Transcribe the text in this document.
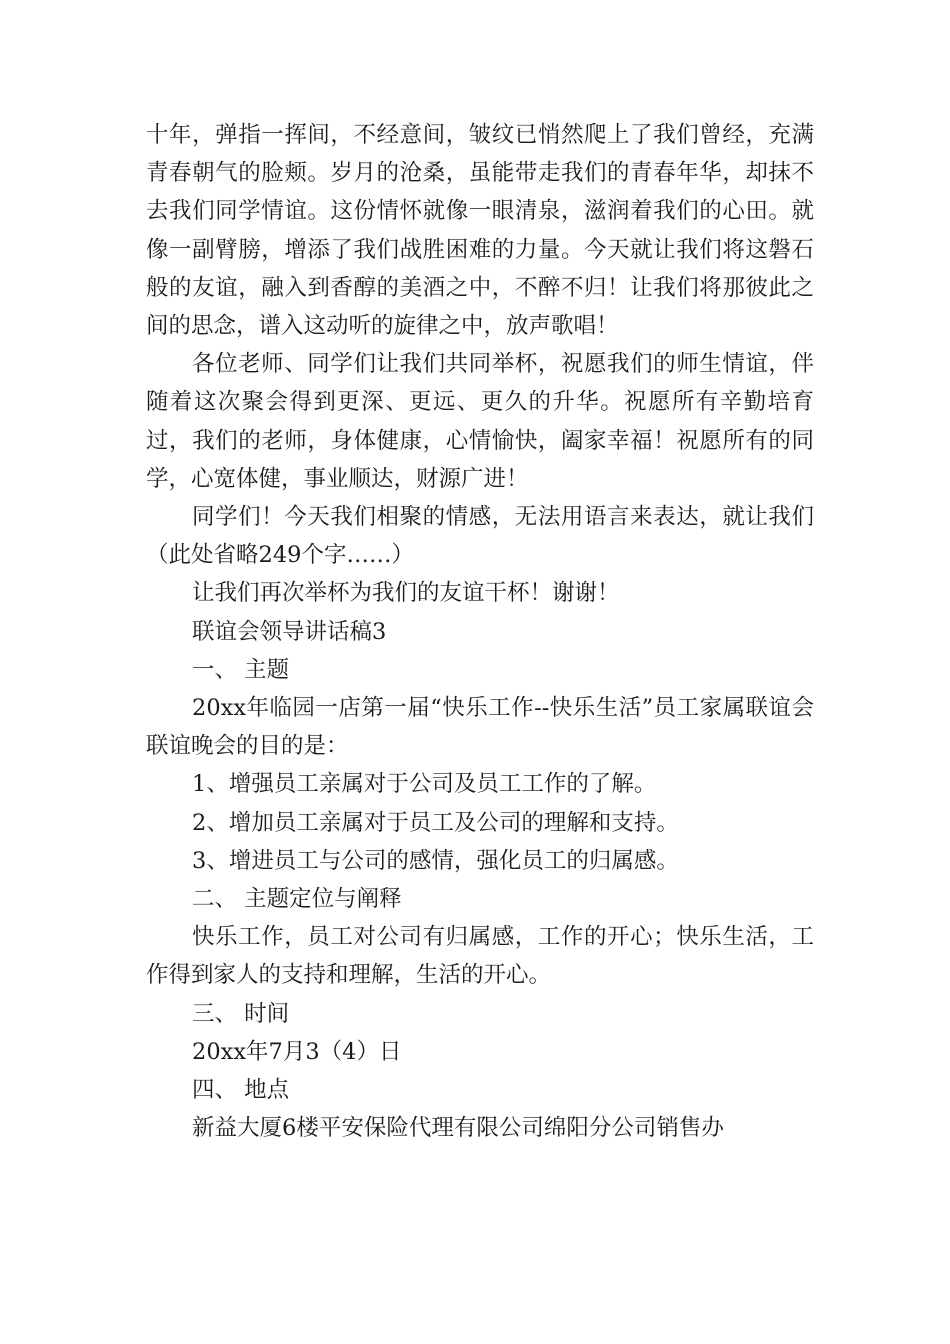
十年，弹指一挥间，不经意间，皱纹已悄然爬上了我们曾经，充满青春朝气的脸颊。岁月的沧桑，虽能带走我们的青春年华，却抹不去我们同学情谊。这份情怀就像一眼清泉，滋润着我们的心田。就像一副臂膀，增添了我们战胜困难的力量。今天就让我们将这磐石般的友谊，融入到香醇的美酒之中，不醉不归！让我们将那彼此之间的思念，谱入这动听的旋律之中，放声歌唱！

各位老师、同学们让我们共同举杯，祝愿我们的师生情谊，伴随着这次聚会得到更深、更远、更久的升华。祝愿所有辛勤培育过，我们的老师，身体健康，心情愉快，阖家幸福！祝愿所有的同学，心宽体健，事业顺达，财源广进！

同学们！今天我们相聚的情感，无法用语言来表达，就让我们（此处省略249个字……）

让我们再次举杯为我们的友谊干杯！谢谢！

联谊会领导讲话稿3

一、 主题

20xx年临园一店第一届“快乐工作--快乐生活”员工家属联谊会 联谊晚会的目的是：

1、增强员工亲属对于公司及员工工作的了解。

2、增加员工亲属对于员工及公司的理解和支持。

3、增进员工与公司的感情，强化员工的归属感。

二、 主题定位与阐释

快乐工作，员工对公司有归属感，工作的开心；快乐生活，工作得到家人的支持和理解，生活的开心。

三、 时间

20xx年7月3（4）日

四、 地点

新益大厦6楼平安保险代理有限公司绵阳分公司销售办
